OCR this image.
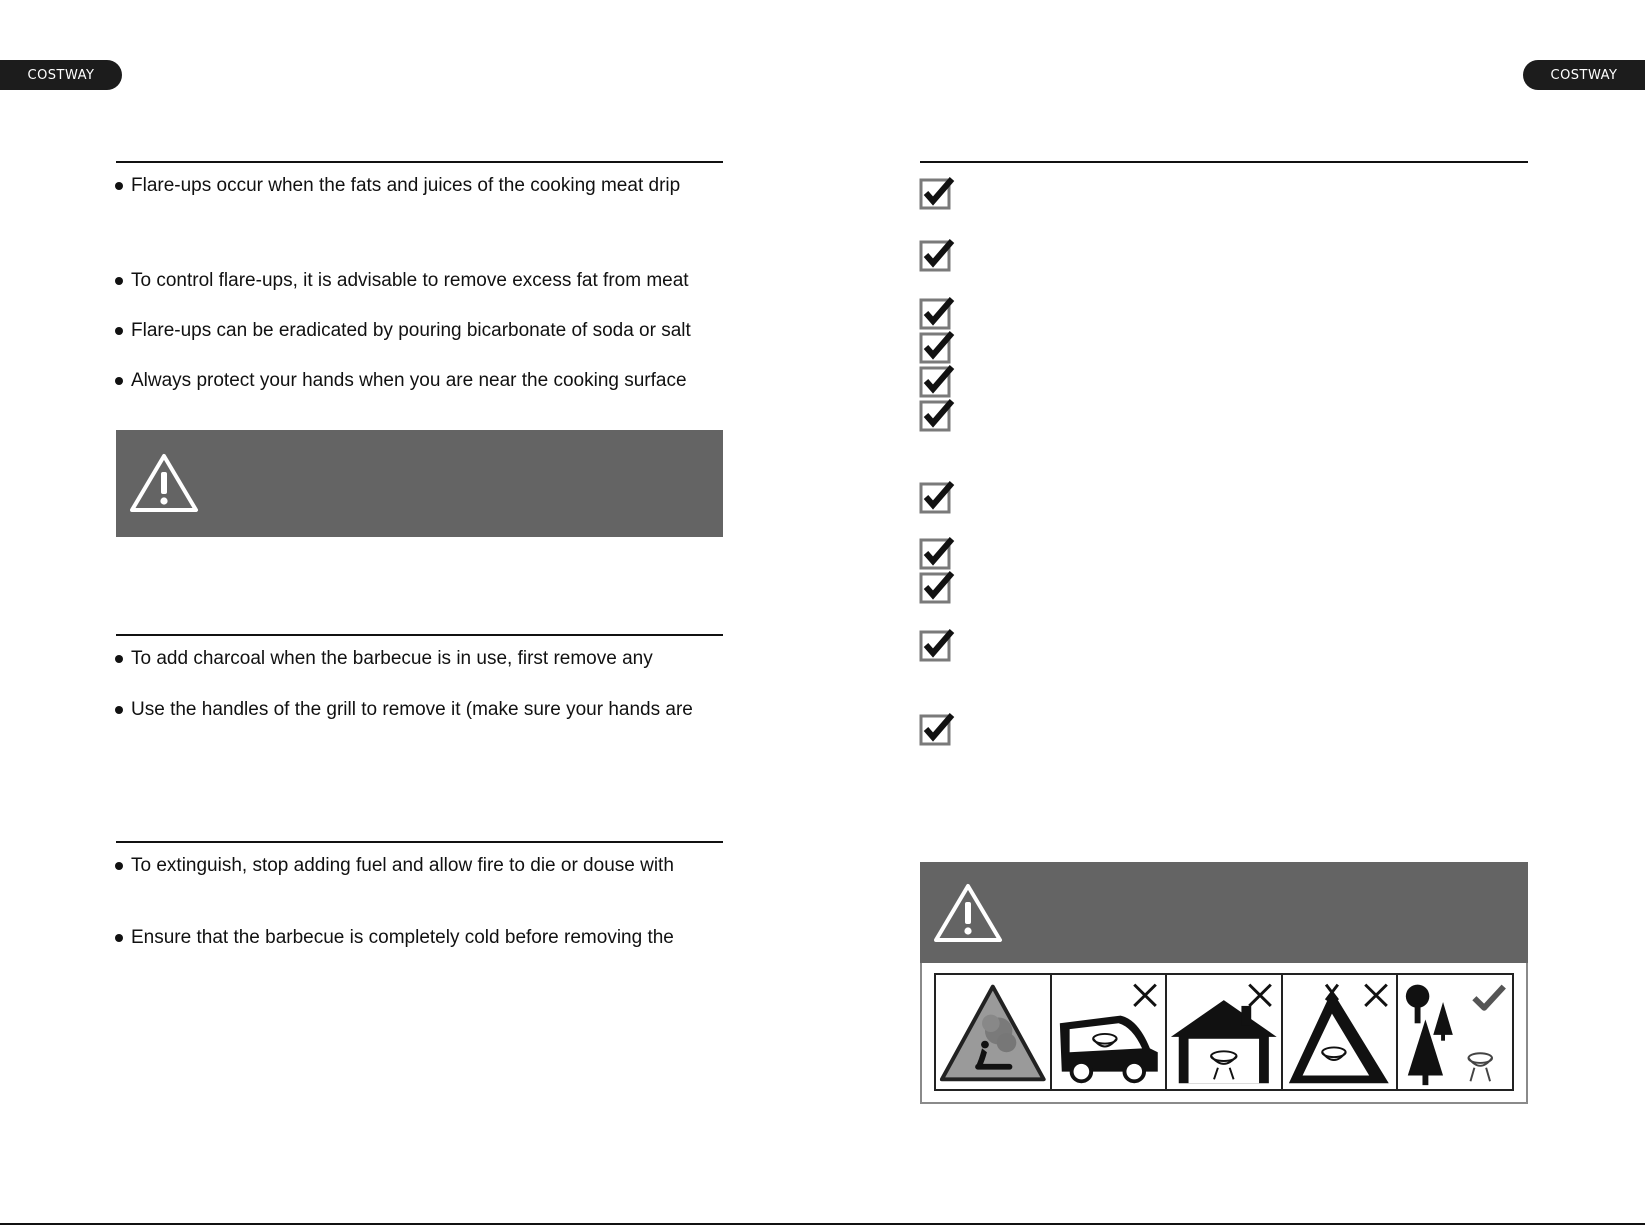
COSTWAY	COSTWAY
Flare-ups occur when the fats and juices of the cooking meat drip
To control flare-ups, it is advisable to remove excess fat from meat
Flare-ups can be eradicated by pouring bicarbonate of soda or salt
Always protect your hands when you are near the cooking surface
To add charcoal when the barbecue is in use, first remove any
Use the handles of the grill to remove it (make sure your hands are
To extinguish, stop adding fuel and allow fire to die or douse with
Ensure that the barbecue is completely cold before removing the
